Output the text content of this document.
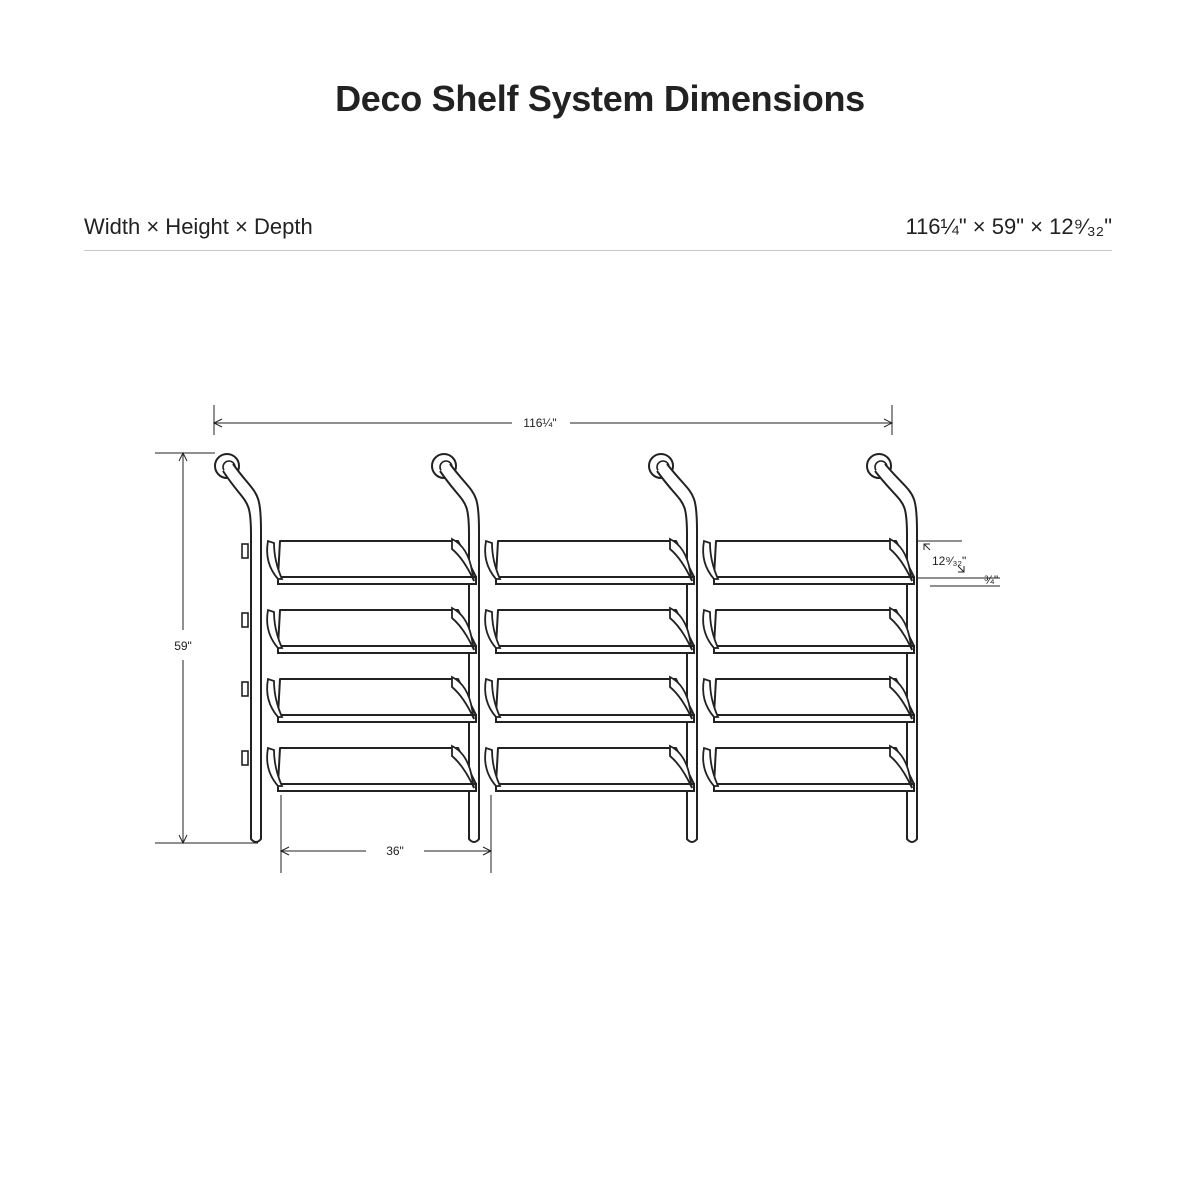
Deco Shelf System Dimensions
Width × Height × Depth	116¼" × 59" × 12⁹⁄₃₂"
116¼"
59"
36"
12⁹⁄₃₂"
¾"
